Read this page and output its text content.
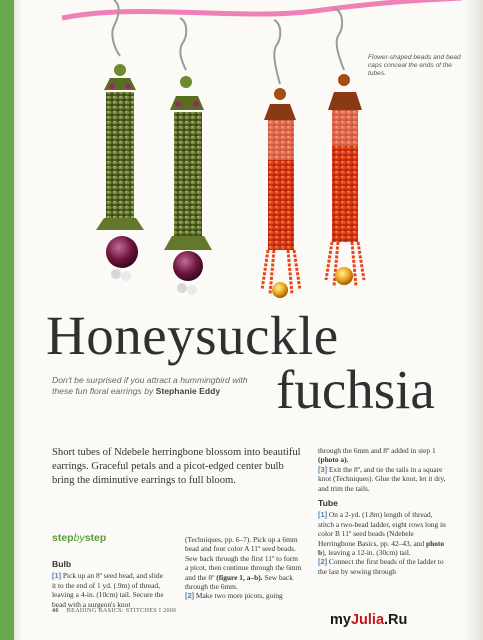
Flower-shaped beads and bead caps conceal the ends of the tubes.
Honeysuckle
fuchsia
Don't be surprised if you attract a hummingbird with these fun floral earrings by Stephanie Eddy
Short tubes of Ndebele herringbone blossom into beautiful earrings. Graceful petals and a picot-edged center bulb bring the diminutive earrings to full bloom.
stepbystep
Bulb
[1] Pick up an 8º seed bead, and slide it to the end of 1 yd. (.9m) of thread, leaving a 4-in. (10cm) tail. Secure the bead with a surgeon's knot
(Techniques, pp. 6–7). Pick up a 6mm bead and four color A 11º seed beads. Sew back through the first 11º to form a picot, then continue through the 6mm and the 8º (figure 1, a–b). Sew back through the 6mm.
[2] Make two more picots, going
through the 6mm and 8º added in step 1 (photo a).
[3] Exit the 8º, and tie the tails in a square knot (Techniques). Glue the knot, let it dry, and trim the tails.
Tube
[1] On a 2-yd. (1.8m) length of thread, stitch a two-bead ladder, eight rows long in color B 11º seed beads (Ndebele Herringbone Basics, pp. 42–43, and photo b), leaving a 12-in. (30cm) tail.
[2] Connect the first beads of the ladder to the last by sewing through
46 BEADING BASICS: STITCHES I 2006
myJulia.Ru
